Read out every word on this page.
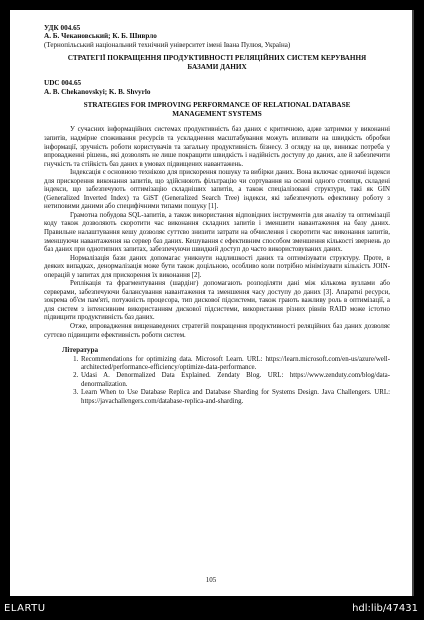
УДК 004.65
А. Б. Чекановський; К. Б. Шиврло
(Тернопільський національний технічний університет імені Івана Пулюя, Україна)
СТРАТЕГІЇ ПОКРАЩЕННЯ ПРОДУКТИВНОСТІ РЕЛЯЦІЙНИХ СИСТЕМ КЕРУВАННЯ БАЗАМИ ДАНИХ
UDC 004.65
A. B. Chekanovskyi; K. B. Shvyrlo
STRATEGIES FOR IMPROVING PERFORMANCE OF RELATIONAL DATABASE MANAGEMENT SYSTEMS

У сучасних інформаційних системах продуктивність баз даних є критичною, адже затримки у виконанні запитів, надмірне споживання ресурсів та ускладнення масштабування можуть впливати на швидкість обробки інформації, зручність роботи користувачів та загальну продуктивність бізнесу. З огляду на це, виникає потреба у впровадженні рішень, які дозволять не лише покращити швидкість і надійність доступу до даних, але й забезпечити гнучкість та стійкість баз даних в умовах підвищених навантажень.

Індексація є основною технікою для прискорення пошуку та вибірки даних. Вона включає одиночні індекси для прискорення виконання запитів, що здійснюють фільтрацію чи сортування на основі одного стовпця, складені індекси, що забезпечують оптимізацію складніших запитів, а також спеціалізовані структури, такі як GIN (Generalized Inverted Index) та GiST (Generalized Search Tree) індекси, які забезпечують ефективну роботу з нетиповими даними або специфічними типами пошуку [1].

Грамотна побудова SQL-запитів, а також використання відповідних інструментів для аналізу та оптимізації коду також дозволяють скоротити час виконання складних запитів і зменшити навантаження на базу даних. Правильне налаштування кешу дозволяє суттєво знизити затрати на обчислення і скоротити час виконання запитів, зменшуючи навантаження на сервер баз даних. Кешування є ефективним способом зменшення кількості звернень до баз даних при однотипних запитах, забезпечуючи швидкий доступ до часто використовуваних даних.

Нормалізація бази даних допомагає уникнути надлишкості даних та оптимізувати структуру. Проте, в деяких випадках, денормалізація може бути також доцільною, особливо коли потрібно мінімізувати кількість JOIN-операцій у запитах для прискорення їх виконання [2].

Реплікація та фрагментування (шардінг) допомагають розподіляти дані між кількома вузлами або серверами, забезпечуючи балансування навантаження та зменшення часу доступу до даних [3]. Апаратні ресурси, зокрема об'єм пам'яті, потужність процесора, тип дискової підсистеми, також грають важливу роль в оптимізації, а для систем з інтенсивним використанням дискової підсистеми, використання різних рівнів RAID може істотно підвищити продуктивність баз даних.

Отже, впровадження вищенаведених стратегій покращення продуктивності реляційних баз даних дозволяє суттєво підвищити ефективність роботи систем.

Література
1. Recommendations for optimizing data. Microsoft Learn. URL: https://learn.microsoft.com/en-us/azure/well-architected/performance-efficiency/optimize-data-performance.
2. Udasi A. Denormalized Data Explained. Zendaty Blog. URL: https://www.zenduty.com/blog/data-denormalization.
3. Learn When to Use Database Replica and Database Sharding for Systems Design. Java Challengers. URL: https://javachallengers.com/database-replica-and-sharding.
105
ELARTU	hdl:lib/47431
